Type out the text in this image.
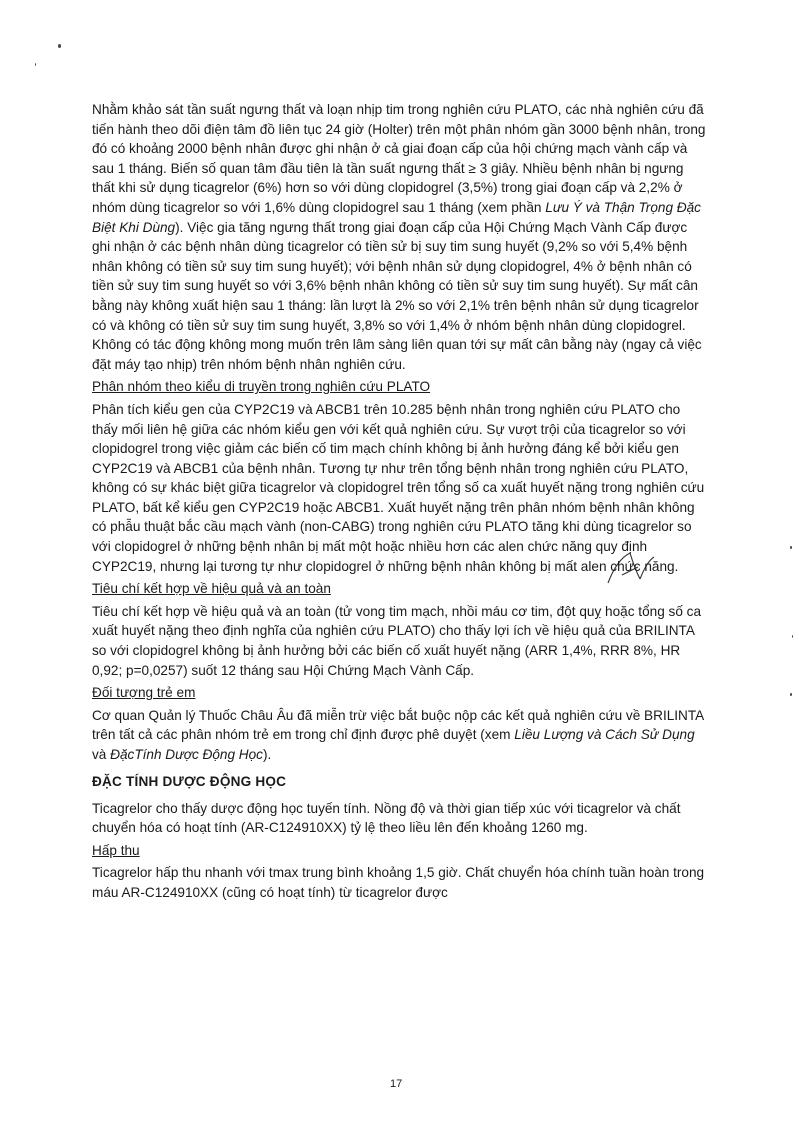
Nhằm khảo sát tần suất ngưng thất và loạn nhịp tim trong nghiên cứu PLATO, các nhà nghiên cứu đã tiến hành theo dõi điện tâm đồ liên tục 24 giờ (Holter) trên một phân nhóm gần 3000 bệnh nhân, trong đó có khoảng 2000 bệnh nhân được ghi nhận ở cả giai đoạn cấp của hội chứng mạch vành cấp và sau 1 tháng. Biến số quan tâm đầu tiên là tần suất ngưng thất ≥ 3 giây. Nhiều bệnh nhân bị ngưng thất khi sử dụng ticagrelor (6%) hơn so với dùng clopidogrel (3,5%) trong giai đoạn cấp và 2,2% ở nhóm dùng ticagrelor so với 1,6% dùng clopidogrel sau 1 tháng (xem phần Lưu Ý và Thận Trọng Đặc Biệt Khi Dùng). Việc gia tăng ngưng thất trong giai đoạn cấp của Hội Chứng Mạch Vành Cấp được ghi nhận ở các bệnh nhân dùng ticagrelor có tiền sử bị suy tim sung huyết (9,2% so với 5,4% bệnh nhân không có tiền sử suy tim sung huyết); với bệnh nhân sử dụng clopidogrel, 4% ở bệnh nhân có tiền sử suy tim sung huyết so với 3,6% bệnh nhân không có tiền sử suy tim sung huyết). Sự mất cân bằng này không xuất hiện sau 1 tháng: lần lượt là 2% so với 2,1% trên bệnh nhân sử dụng ticagrelor có và không có tiền sử suy tim sung huyết, 3,8% so với 1,4% ở nhóm bệnh nhân dùng clopidogrel. Không có tác động không mong muốn trên lâm sàng liên quan tới sự mất cân bằng này (ngay cả việc đặt máy tạo nhịp) trên nhóm bệnh nhân nghiên cứu.

Phân nhóm theo kiểu di truyền trong nghiên cứu PLATO

Phân tích kiểu gen của CYP2C19 và ABCB1 trên 10.285 bệnh nhân trong nghiên cứu PLATO cho thấy mối liên hệ giữa các nhóm kiểu gen với kết quả nghiên cứu. Sự vượt trội của ticagrelor so với clopidogrel trong việc giảm các biến cố tim mạch chính không bị ảnh hưởng đáng kể bởi kiểu gen CYP2C19 và ABCB1 của bệnh nhân. Tương tự như trên tổng bệnh nhân trong nghiên cứu PLATO, không có sự khác biệt giữa ticagrelor và clopidogrel trên tổng số ca xuất huyết nặng trong nghiên cứu PLATO, bất kể kiểu gen CYP2C19 hoặc ABCB1. Xuất huyết nặng trên phân nhóm bệnh nhân không có phẫu thuật bắc cầu mạch vành (non-CABG) trong nghiên cứu PLATO tăng khi dùng ticagrelor so với clopidogrel ở những bệnh nhân bị mất một hoặc nhiều hơn các alen chức năng quy định CYP2C19, nhưng lại tương tự như clopidogrel ở những bệnh nhân không bị mất alen chức năng.

Tiêu chí kết hợp về hiệu quả và an toàn

Tiêu chí kết hợp về hiệu quả và an toàn (tử vong tim mạch, nhồi máu cơ tim, đột quỵ hoặc tổng số ca xuất huyết nặng theo định nghĩa của nghiên cứu PLATO) cho thấy lợi ích về hiệu quả của BRILINTA so với clopidogrel không bị ảnh hưởng bởi các biến cố xuất huyết nặng (ARR 1,4%, RRR 8%, HR 0,92; p=0,0257) suốt 12 tháng sau Hội Chứng Mạch Vành Cấp.

Đối tượng trẻ em

Cơ quan Quản lý Thuốc Châu Âu đã miễn trừ việc bắt buộc nộp các kết quả nghiên cứu về BRILINTA trên tất cả các phân nhóm trẻ em trong chỉ định được phê duyệt (xem Liều Lượng và Cách Sử Dụng và ĐặcTính Dược Động Học).

ĐẶC TÍNH DƯỢC ĐỘNG HỌC

Ticagrelor cho thấy dược động học tuyến tính. Nồng độ và thời gian tiếp xúc với ticagrelor và chất chuyển hóa có hoạt tính (AR-C124910XX) tỷ lệ theo liều lên đến khoảng 1260 mg.

Hấp thu

Ticagrelor hấp thu nhanh với tmax trung bình khoảng 1,5 giờ. Chất chuyển hóa chính tuần hoàn trong máu AR-C124910XX (cũng có hoạt tính) từ ticagrelor được

17
